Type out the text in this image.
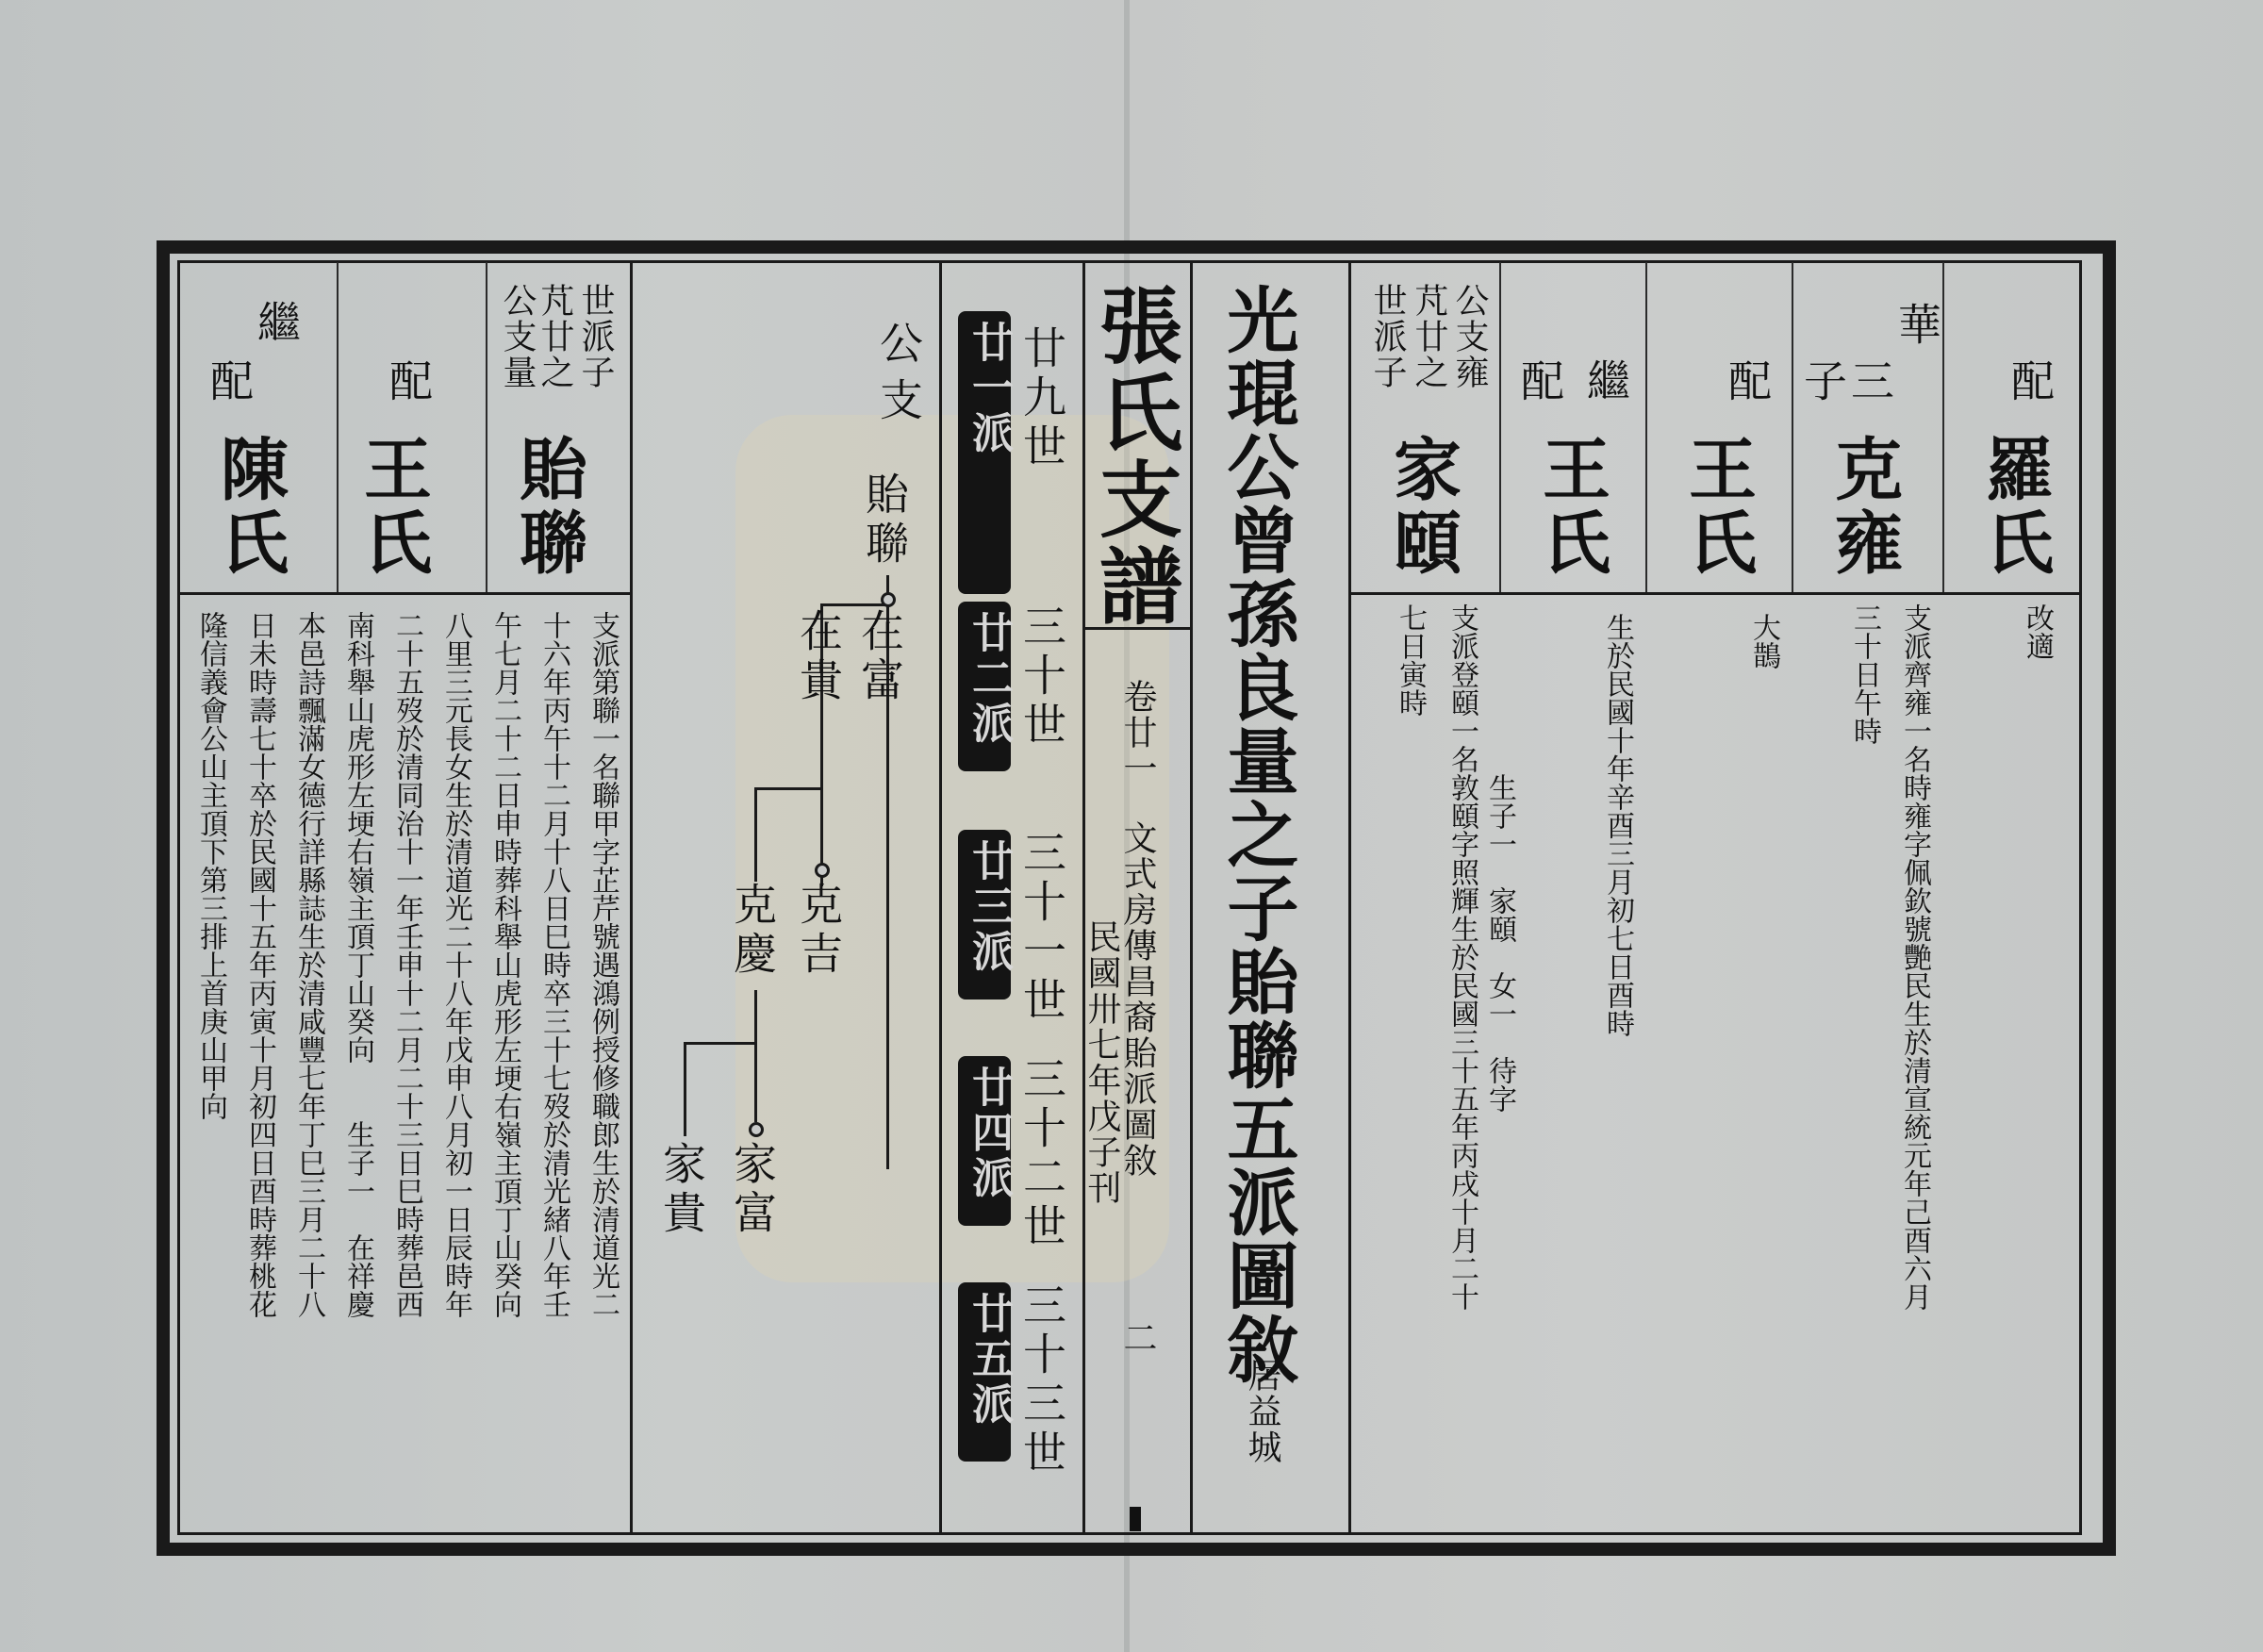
公支量 芃廿之 世派子
貽聯
配
王氏
繼
配
陳氏
支派第聯一名聯甲字芷芹號遇鴻例授修職郎生於清道光二
十六年丙午十二月十八日巳時卒三十七歿於清光緒八年壬
午七月二十二日申時葬科舉山虎形左埂右嶺主頂丁山癸向
八里三元長女生於清道光二十八年戊申八月初一日辰時年
二十五歿於清同治十一年壬申十二月二十三日巳時葬邑西
南科舉山虎形左埂右嶺主頂丁山癸向　　生子一　在祥慶
本邑詩飄滿女德行詳縣誌生於清咸豐七年丁巳三月二十八
日未時壽七十卒於民國十五年丙寅十月初四日酉時葬桃花
隆信義會公山主頂下第三排上首庚山甲向
公
支 廿一派 廿九世
廿二派 三十世
廿三派 三十一世
廿四派 三十二世
廿五派 三十三世
貽聯
在富
在貴
克吉
克慶
家富
家貴
張氏支譜
卷廿一
文式房傳昌裔貽派圖敘
民國卅七年戊子刊
二 光琨公曾孫良量之子貽聯五派圖敘
居益城
世派子 芃廿之 公支雍
家頤
支派登頤一名敦頤字照輝生於民國三十五年丙戌十月二十
七日寅時
生子一　家頤　女一　待字
繼
配
王氏
生於民國十年辛酉三月初七日酉時
配
王氏
大鵲
子
三
華
克雍
支派齊雍一名時雍字佩欽號艷民生於清宣統元年己酉六月
三十日午時
配
羅氏
改適
